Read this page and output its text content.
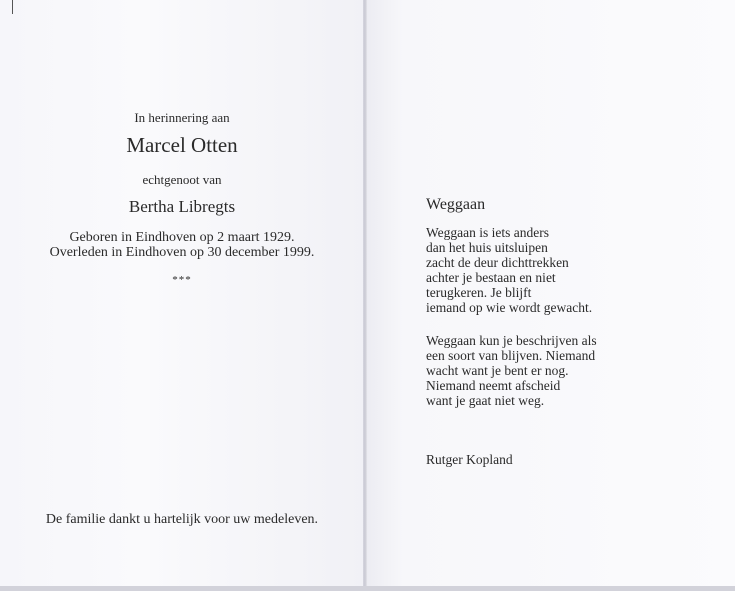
In herinnering aan
Marcel Otten
echtgenoot van
Bertha Libregts
Geboren in Eindhoven op 2 maart 1929.
Overleden in Eindhoven op 30 december 1999.
***
De familie dankt u hartelijk voor uw medeleven.
Weggaan
Weggaan is iets anders
dan het huis uitsluipen
zacht de deur dichttrekken
achter je bestaan en niet
terugkeren. Je blijft
iemand op wie wordt gewacht.
Weggaan kun je beschrijven als
een soort van blijven. Niemand
wacht want je bent er nog.
Niemand neemt afscheid
want je gaat niet weg.
Rutger Kopland
